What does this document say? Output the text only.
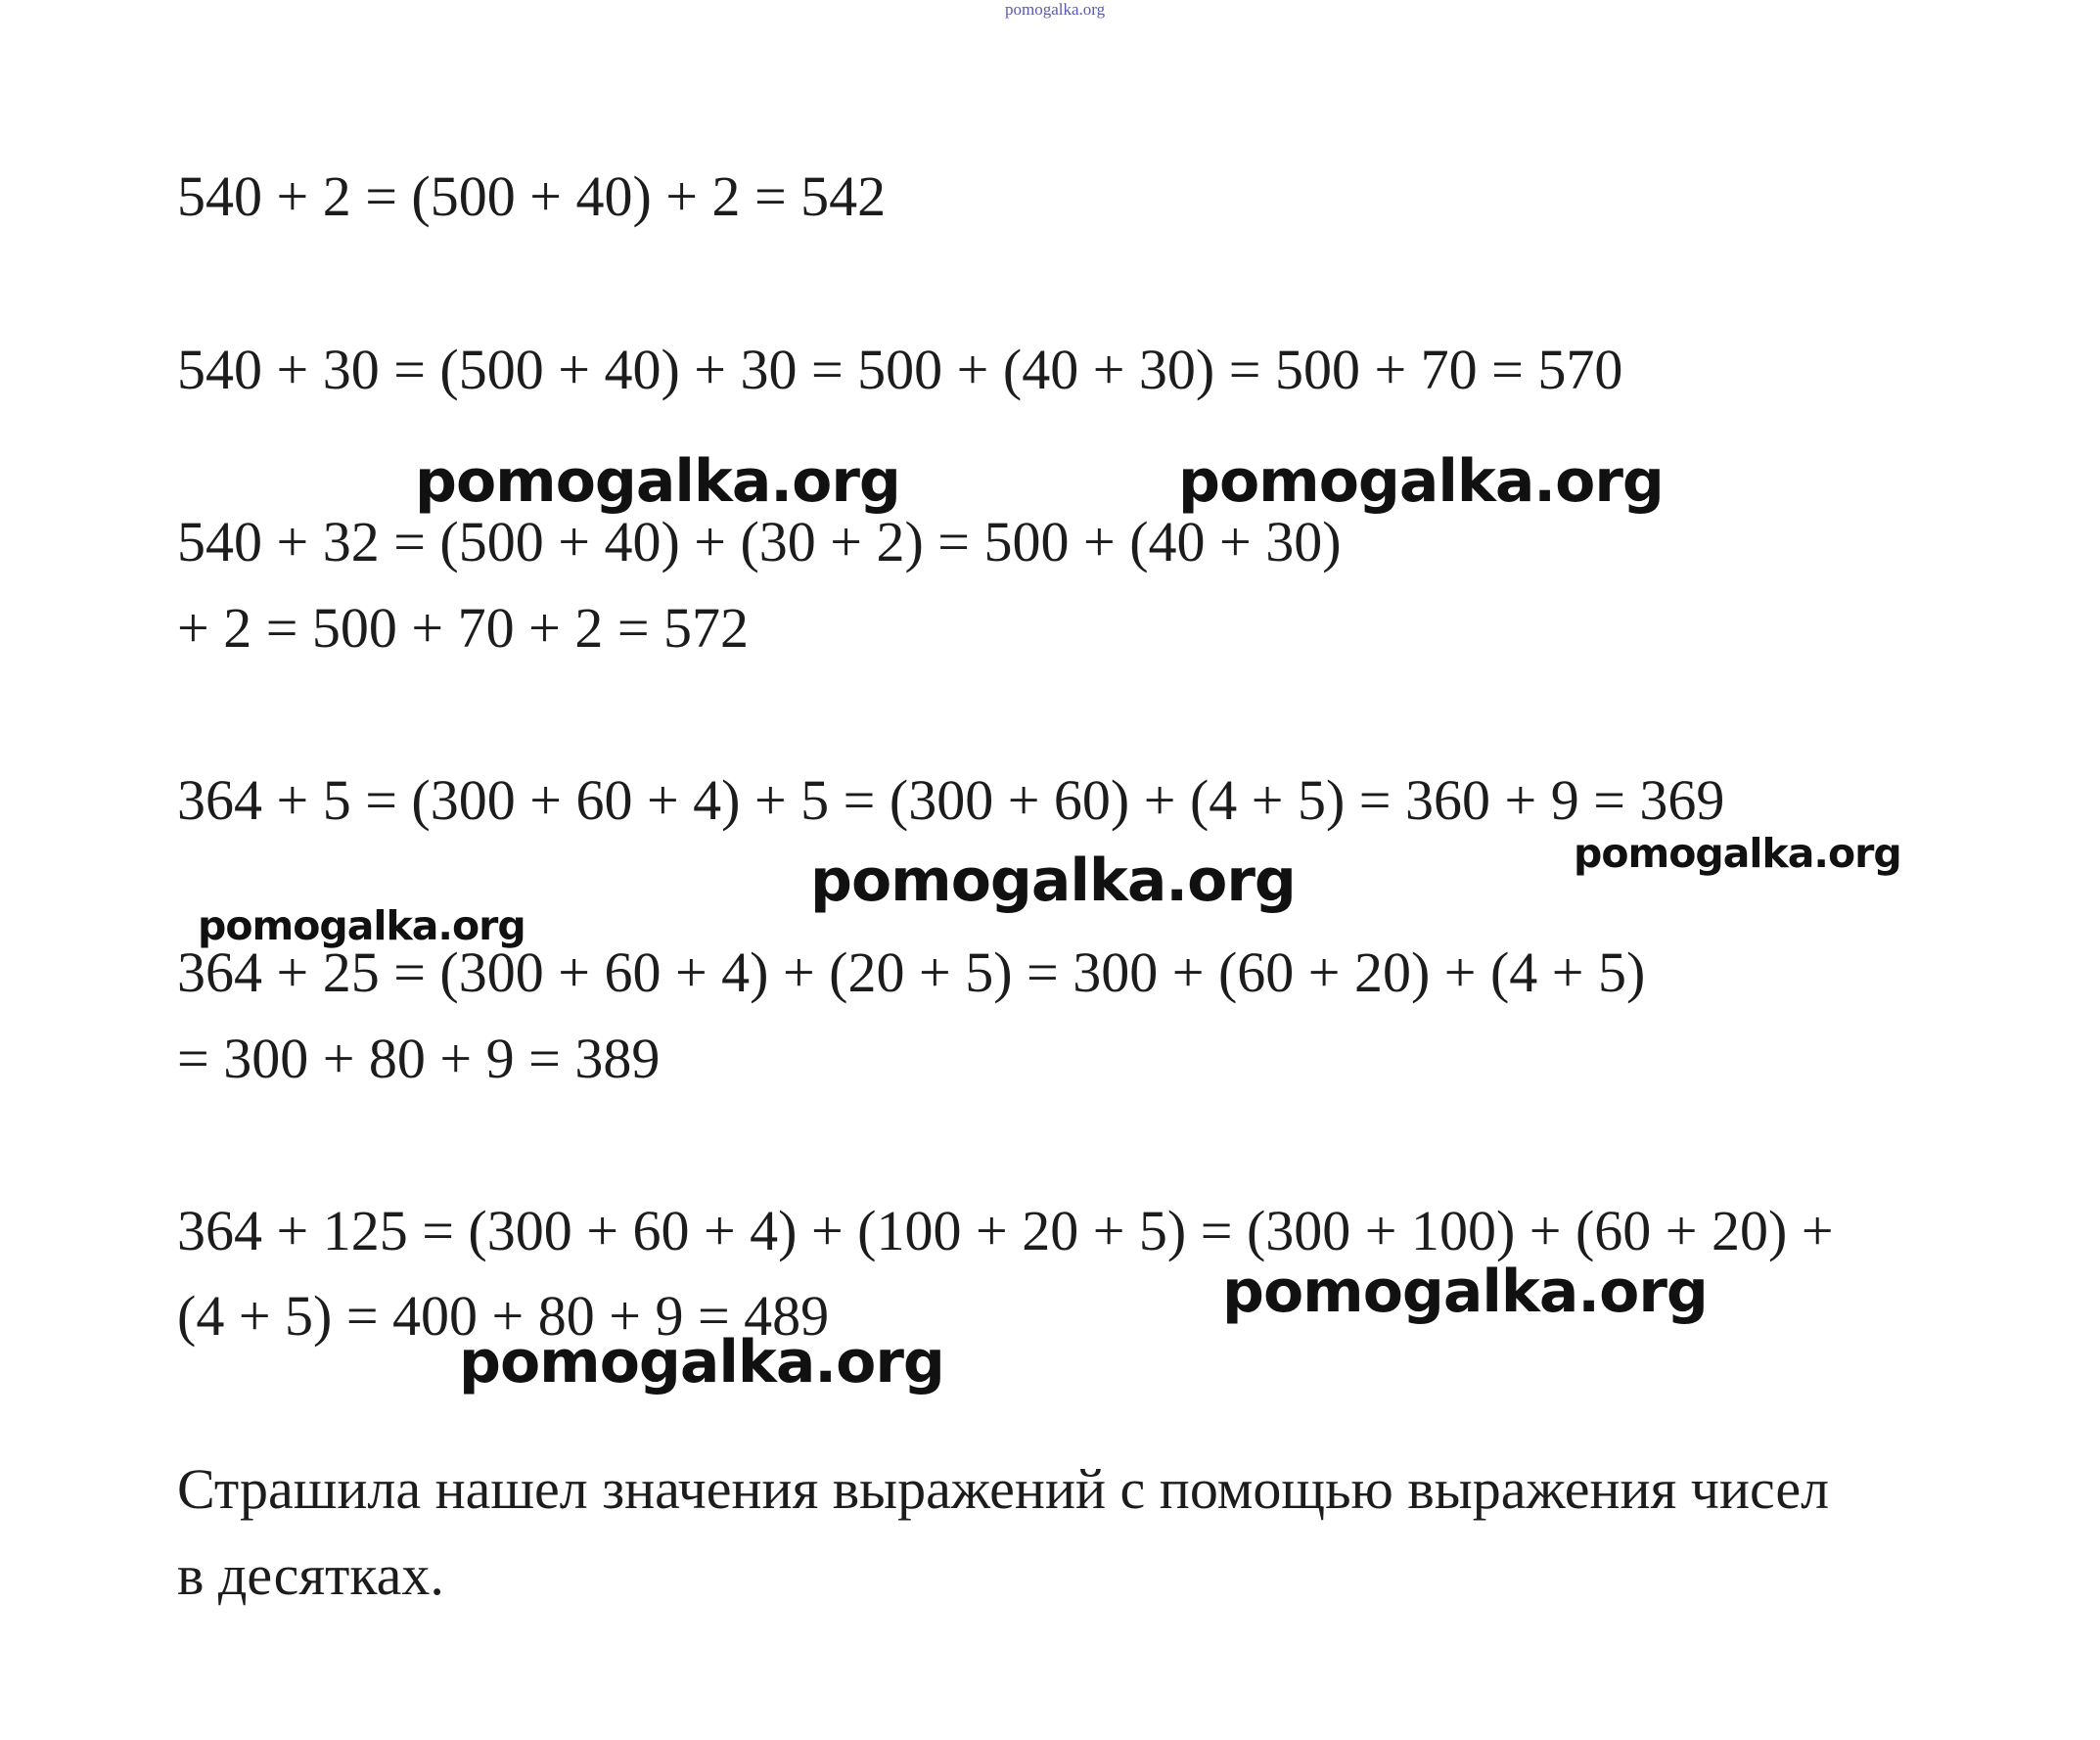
pomogalka.org
540 + 2 = (500 + 40) + 2 = 542
540 + 30 = (500 + 40) + 30 = 500 + (40 + 30) = 500 + 70 = 570
540 + 32 = (500 + 40) + (30 + 2) = 500 + (40 + 30)
+ 2 = 500 + 70 + 2 = 572
364 + 5 = (300 + 60 + 4) + 5 = (300 + 60) + (4 + 5) = 360 + 9 = 369
364 + 25 = (300 + 60 + 4) + (20 + 5) = 300 + (60 + 20) + (4 + 5)
= 300 + 80 + 9 = 389
364 + 125 = (300 + 60 + 4) + (100 + 20 + 5) = (300 + 100) + (60 + 20) +
(4 + 5) = 400 + 80 + 9 = 489
Страшила нашел значения выражений с помощью выражения чисел
в десятках.
pomogalka.org	pomogalka.org
pomogalka.org	pomogalka.org
pomogalka.org
pomogalka.org
pomogalka.org
